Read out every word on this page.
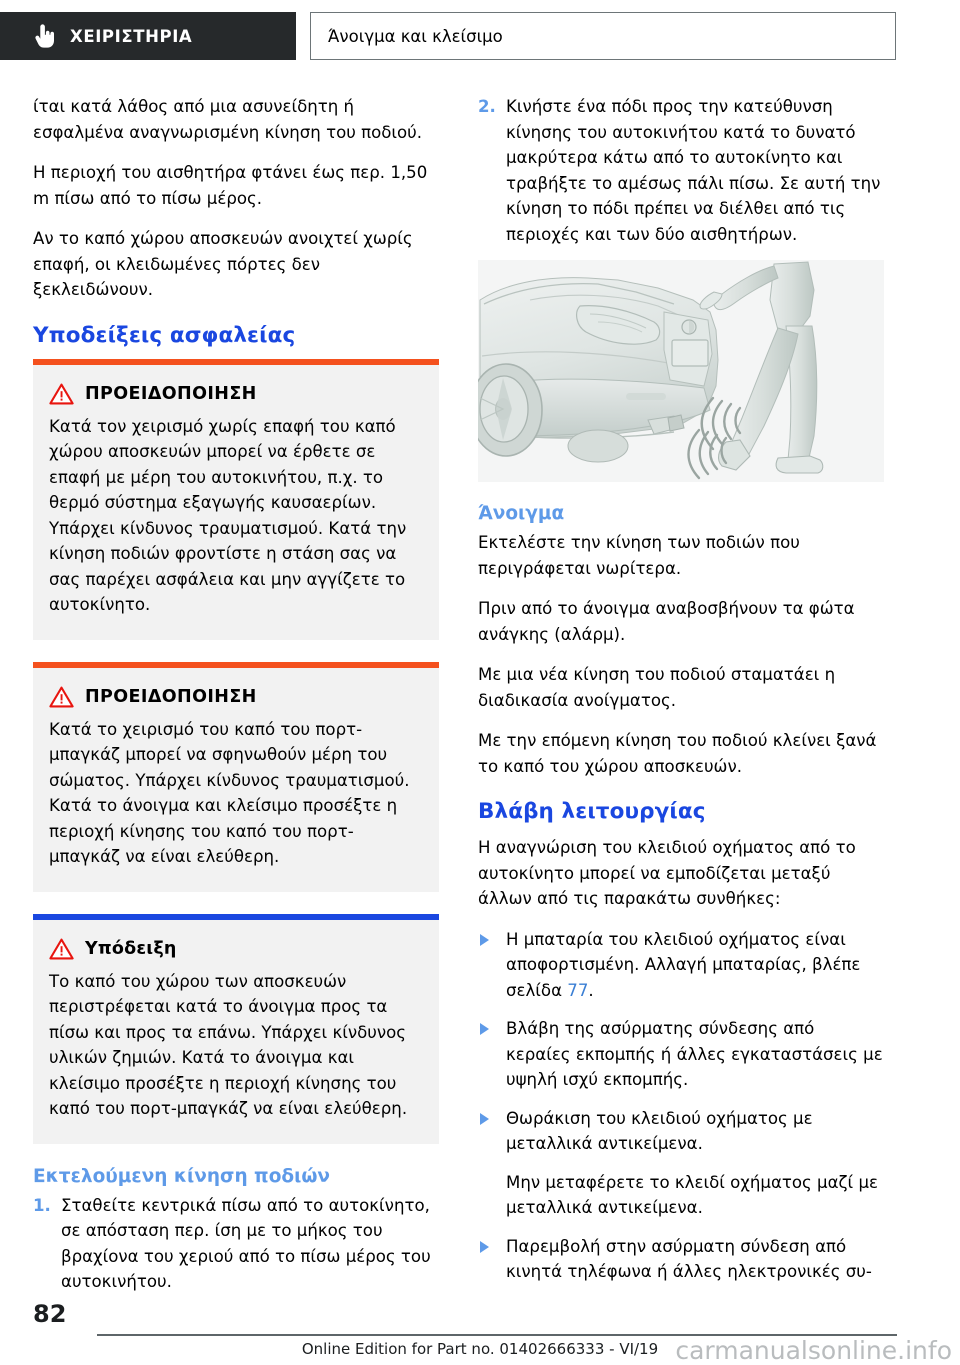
ΧΕΙΡΙΣΤΗΡΙΑ	Άνοιγμα και κλείσιμο

ίται κατά λάθος από μια ασυνείδητη ή εσφαλμένα αναγνωρισμένη κίνηση του ποδιού.

Η περιοχή του αισθητήρα φτάνει έως περ. 1,50 m πίσω από το πίσω μέρος.

Αν το καπό χώρου αποσκευών ανοιχτεί χωρίς επαφή, οι κλειδωμένες πόρτες δεν ξεκλειδώνουν.

Υποδείξεις ασφαλείας
ΠΡΟΕΙΔΟΠΟΙΗΣΗ

Κατά τον χειρισμό χωρίς επαφή του καπό χώρου αποσκευών μπορεί να έρθετε σε επαφή με μέρη του αυτοκινήτου, π.χ. το θερμό σύστημα εξαγωγής καυσαερίων. Υπάρχει κίνδυνος τραυματισμού. Κατά την κίνηση ποδιών φροντίστε η στάση σας να σας παρέχει ασφάλεια και μην αγγίζετε το αυτοκίνητο.

ΠΡΟΕΙΔΟΠΟΙΗΣΗ

Κατά το χειρισμό του καπό του πορτ-μπαγκάζ μπορεί να σφηνωθούν μέρη του σώματος. Υπάρχει κίνδυνος τραυματισμού. Κατά το άνοιγμα και κλείσιμο προσέξτε η περιοχή κίνησης του καπό του πορτ-μπαγκάζ να είναι ελεύθερη.

Υπόδειξη

Το καπό του χώρου των αποσκευών περιστρέφεται κατά το άνοιγμα προς τα πίσω και προς τα επάνω. Υπάρχει κίνδυνος υλικών ζημιών. Κατά το άνοιγμα και κλείσιμο προσέξτε η περιοχή κίνησης του καπό του πορτ-μπαγκάζ να είναι ελεύθερη.

Εκτελούμενη κίνηση ποδιών
1. Σταθείτε κεντρικά πίσω από το αυτοκίνητο, σε απόσταση περ. ίση με το μήκος του βραχίονα του χεριού από το πίσω μέρος του αυτοκινήτου.
2. Κινήστε ένα πόδι προς την κατεύθυνση κίνησης του αυτοκινήτου κατά το δυνατό μακρύτερα κάτω από το αυτοκίνητο και τραβήξτε το αμέσως πάλι πίσω. Σε αυτή την κίνηση το πόδι πρέπει να διέλθει από τις περιοχές και των δύο αισθητήρων.
Άνοιγμα

Εκτελέστε την κίνηση των ποδιών που περιγράφεται νωρίτερα.

Πριν από το άνοιγμα αναβοσβήνουν τα φώτα ανάγκης (αλάρμ).

Με μια νέα κίνηση του ποδιού σταματάει η διαδικασία ανοίγματος.

Με την επόμενη κίνηση του ποδιού κλείνει ξανά το καπό του χώρου αποσκευών.

Βλάβη λειτουργίας

Η αναγνώριση του κλειδιού οχήματος από το αυτοκίνητο μπορεί να εμποδίζεται μεταξύ άλλων από τις παρακάτω συνθήκες:

Η μπαταρία του κλειδιού οχήματος είναι αποφορτισμένη. Αλλαγή μπαταρίας, βλέπε σελίδα 77.
Βλάβη της ασύρματης σύνδεσης από κεραίες εκπομπής ή άλλες εγκαταστάσεις με υψηλή ισχύ εκπομπής.
Θωράκιση του κλειδιού οχήματος με μεταλλικά αντικείμενα.

Μην μεταφέρετε το κλειδί οχήματος μαζί με μεταλλικά αντικείμενα.

Παρεμβολή στην ασύρματη σύνδεση από κινητά τηλέφωνα ή άλλες ηλεκτρονικές συ-
82
Online Edition for Part no. 01402666333 - VI/19 carmanualsonline.info
